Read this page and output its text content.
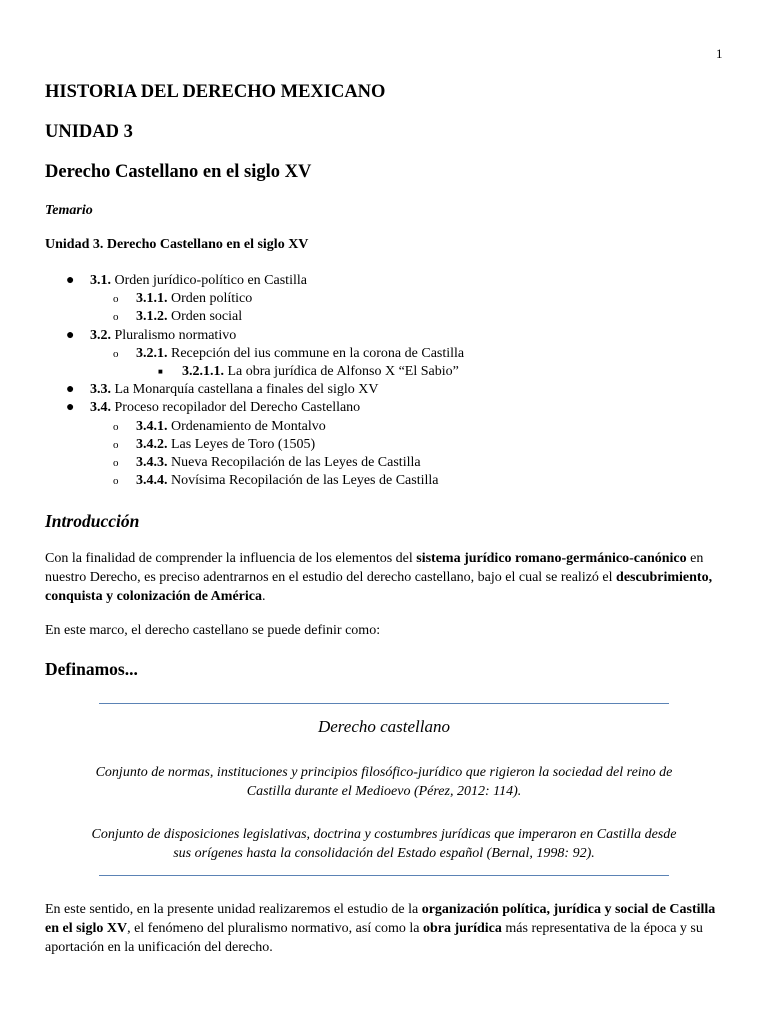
1
HISTORIA DEL DERECHO MEXICANO
UNIDAD 3
Derecho Castellano en el siglo XV
Temario
Unidad 3. Derecho Castellano en el siglo XV
● 3.1. Orden jurídico-político en Castilla
o 3.1.1. Orden político
o 3.1.2. Orden social
● 3.2. Pluralismo normativo
o 3.2.1. Recepción del ius commune en la corona de Castilla
■ 3.2.1.1. La obra jurídica de Alfonso X “El Sabio”
● 3.3. La Monarquía castellana a finales del siglo XV
● 3.4. Proceso recopilador del Derecho Castellano
o 3.4.1. Ordenamiento de Montalvo
o 3.4.2. Las Leyes de Toro (1505)
o 3.4.3. Nueva Recopilación de las Leyes de Castilla
o 3.4.4. Novísima Recopilación de las Leyes de Castilla
Introducción

Con la finalidad de comprender la influencia de los elementos del sistema jurídico romano-germánico-canónico en nuestro Derecho, es preciso adentrarnos en el estudio del derecho castellano, bajo el cual se realizó el descubrimiento, conquista y colonización de América.

En este marco, el derecho castellano se puede definir como:

Definamos...
Derecho castellano
Conjunto de normas, instituciones y principios filosófico-jurídico que rigieron la sociedad del reino de Castilla durante el Medioevo (Pérez, 2012: 114).
Conjunto de disposiciones legislativas, doctrina y costumbres jurídicas que imperaron en Castilla desde sus orígenes hasta la consolidación del Estado español (Bernal, 1998: 92).

En este sentido, en la presente unidad realizaremos el estudio de la organización política, jurídica y social de Castilla en el siglo XV, el fenómeno del pluralismo normativo, así como la obra jurídica más representativa de la época y su aportación en la unificación del derecho.
